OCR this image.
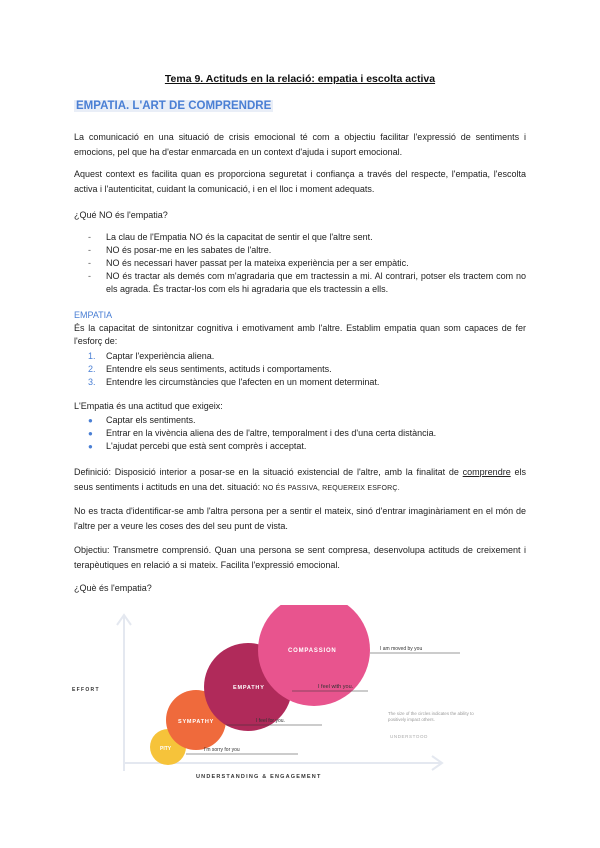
Tema 9. Actituds en la relació: empatia i escolta activa
EMPATIA. L'ART DE COMPRENDRE
La comunicació en una situació de crisis emocional té com a objectiu facilitar l'expressió de sentiments i emocions, pel que ha d'estar enmarcada en un context d'ajuda i suport emocional.
Aquest context es facilita quan es proporciona seguretat i confiança a través del respecte, l'empatia, l'escolta activa i l'autenticitat, cuidant la comunicació, i en el lloc i moment adequats.
¿Qué NO és l'empatia?
- La clau de l'Empatia NO és la capacitat de sentir el que l'altre sent.
- NO és posar-me en les sabates de l'altre.
- NO és necessari haver passat per la mateixa experiència per a ser empàtic.
- NO és tractar als demés com m'agradaria que em tractessin a mi. Al contrari, potser els tractem com no els agrada. És tractar-los com els hi agradaria que els tractessin a ells.
EMPATIA
És la capacitat de sintonitzar cognitiva i emotivament amb l'altre. Establim empatia quan som capaces de fer l'esforç de:
1. Captar l'experiència aliena.
2. Entendre els seus sentiments, actituds i comportaments.
3. Entendre les circumstàncies que l'afecten en un moment determinat.
L'Empatia és una actitud que exigeix:
● Captar els sentiments.
● Entrar en la vivència aliena des de l'altre, temporalment i des d'una certa distància.
● L'ajudat percebi que està sent comprès i acceptat.
Definició: Disposició interior a posar-se en la situació existencial de l'altre, amb la finalitat de comprendre els seus sentiments i actituds en una det. situació: NO ÉS PASSIVA, REQUEREIX ESFORÇ.
No es tracta d'identificar-se amb l'altra persona per a sentir el mateix, sinó d'entrar imaginàriament en el món de l'altre per a veure les coses des del seu punt de vista.
Objectiu: Transmetre comprensió. Quan una persona se sent compresa, desenvolupa actituds de creixement i terapèutiques en relació a si mateix. Facilita l'expressió emocional.
¿Què és l'empatia?
EFFORT
UNDERSTANDING & ENGAGEMENT
PITY
SYMPATHY
EMPATHY
COMPASSION
I'm sorry for you
I feel for you.
I feel with you.
I am moved by you
The size of the circles indicates the ability to positively impact others.
UNDERSTOOD
